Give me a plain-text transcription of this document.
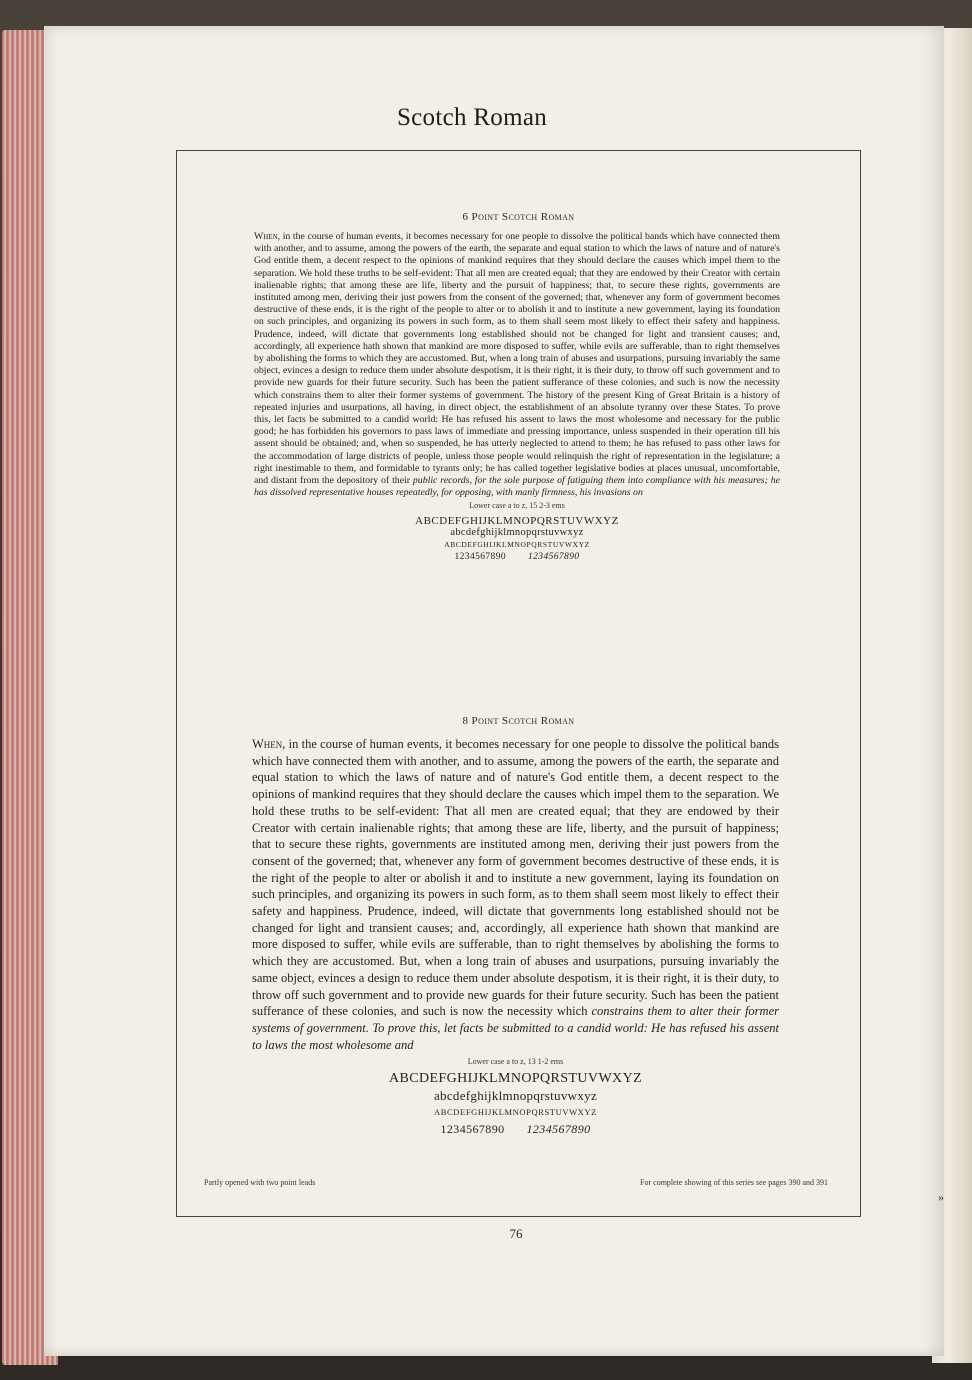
Scotch Roman
6 Point Scotch Roman

When, in the course of human events, it becomes necessary for one people to dissolve the political bands which have connected them with another, and to assume, among the powers of the earth, the separate and equal station to which the laws of nature and of nature's God entitle them, a decent respect to the opinions of mankind requires that they should declare the causes which impel them to the separation. We hold these truths to be self-evident: That all men are created equal; that they are endowed by their Creator with certain inalienable rights; that among these are life, liberty and the pursuit of happiness; that, to secure these rights, governments are instituted among men, deriving their just powers from the consent of the governed; that, whenever any form of government becomes destructive of these ends, it is the right of the people to alter or to abolish it and to institute a new government, laying its foundation on such principles, and organizing its powers in such form, as to them shall seem most likely to effect their safety and happiness. Prudence, indeed, will dictate that governments long established should not be changed for light and transient causes; and, accordingly, all experience hath shown that mankind are more disposed to suffer, while evils are sufferable, than to right themselves by abolishing the forms to which they are accustomed. But, when a long train of abuses and usurpations, pursuing invariably the same object, evinces a design to reduce them under absolute despotism, it is their right, it is their duty, to throw off such government and to provide new guards for their future security. Such has been the patient sufferance of these colonies, and such is now the necessity which constrains them to alter their former systems of government. The history of the present King of Great Britain is a history of repeated injuries and usurpations, all having, in direct object, the establishment of an absolute tyranny over these States. To prove this, let facts be submitted to a candid world: He has refused his assent to laws the most wholesome and necessary for the public good; he has forbidden his governors to pass laws of immediate and pressing importance, unless suspended in their operation till his assent should be obtained; and, when so suspended, he has utterly neglected to attend to them; he has refused to pass other laws for the accommodation of large districts of people, unless those people would relinquish the right of representation in the legislature; a right inestimable to them, and formidable to tyrants only; he has called together legislative bodies at places unusual, uncomfortable, and distant from the depository of their public records, for the sole purpose of fatiguing them into compliance with his measures; he has dissolved representative houses repeatedly, for opposing, with manly firmness, his invasions on

Lower case a to z, 15 2-3 ems
ABCDEFGHIJKLMNOPQRSTUVWXYZ
abcdefghijklmnopqrstuvwxyz
ABCDEFGHIJKLMNOPQRSTUVWXYZ
1234567890 1234567890
8 Point Scotch Roman

When, in the course of human events, it becomes necessary for one people to dissolve the political bands which have connected them with another, and to assume, among the powers of the earth, the separate and equal station to which the laws of nature and of nature's God entitle them, a decent respect to the opinions of mankind requires that they should declare the causes which impel them to the separation. We hold these truths to be self-evident: That all men are created equal; that they are endowed by their Creator with certain inalienable rights; that among these are life, liberty, and the pursuit of happiness; that to secure these rights, governments are instituted among men, deriving their just powers from the consent of the governed; that, whenever any form of government becomes destructive of these ends, it is the right of the people to alter or abolish it and to institute a new government, laying its foundation on such principles, and organizing its powers in such form, as to them shall seem most likely to effect their safety and happiness. Prudence, indeed, will dictate that governments long established should not be changed for light and transient causes; and, accordingly, all experience hath shown that mankind are more disposed to suffer, while evils are sufferable, than to right themselves by abolishing the forms to which they are accustomed. But, when a long train of abuses and usurpations, pursuing invariably the same object, evinces a design to reduce them under absolute despotism, it is their right, it is their duty, to throw off such government and to provide new guards for their future security. Such has been the patient sufferance of these colonies, and such is now the necessity which constrains them to alter their former systems of government. To prove this, let facts be submitted to a candid world: He has refused his assent to laws the most wholesome and

Lower case a to z, 13 1-2 ems
ABCDEFGHIJKLMNOPQRSTUVWXYZ
abcdefghijklmnopqrstuvwxyz
ABCDEFGHIJKLMNOPQRSTUVWXYZ
1234567890 1234567890
Partly opened with two point leads	For complete showing of this series see pages 390 and 391
76
»
